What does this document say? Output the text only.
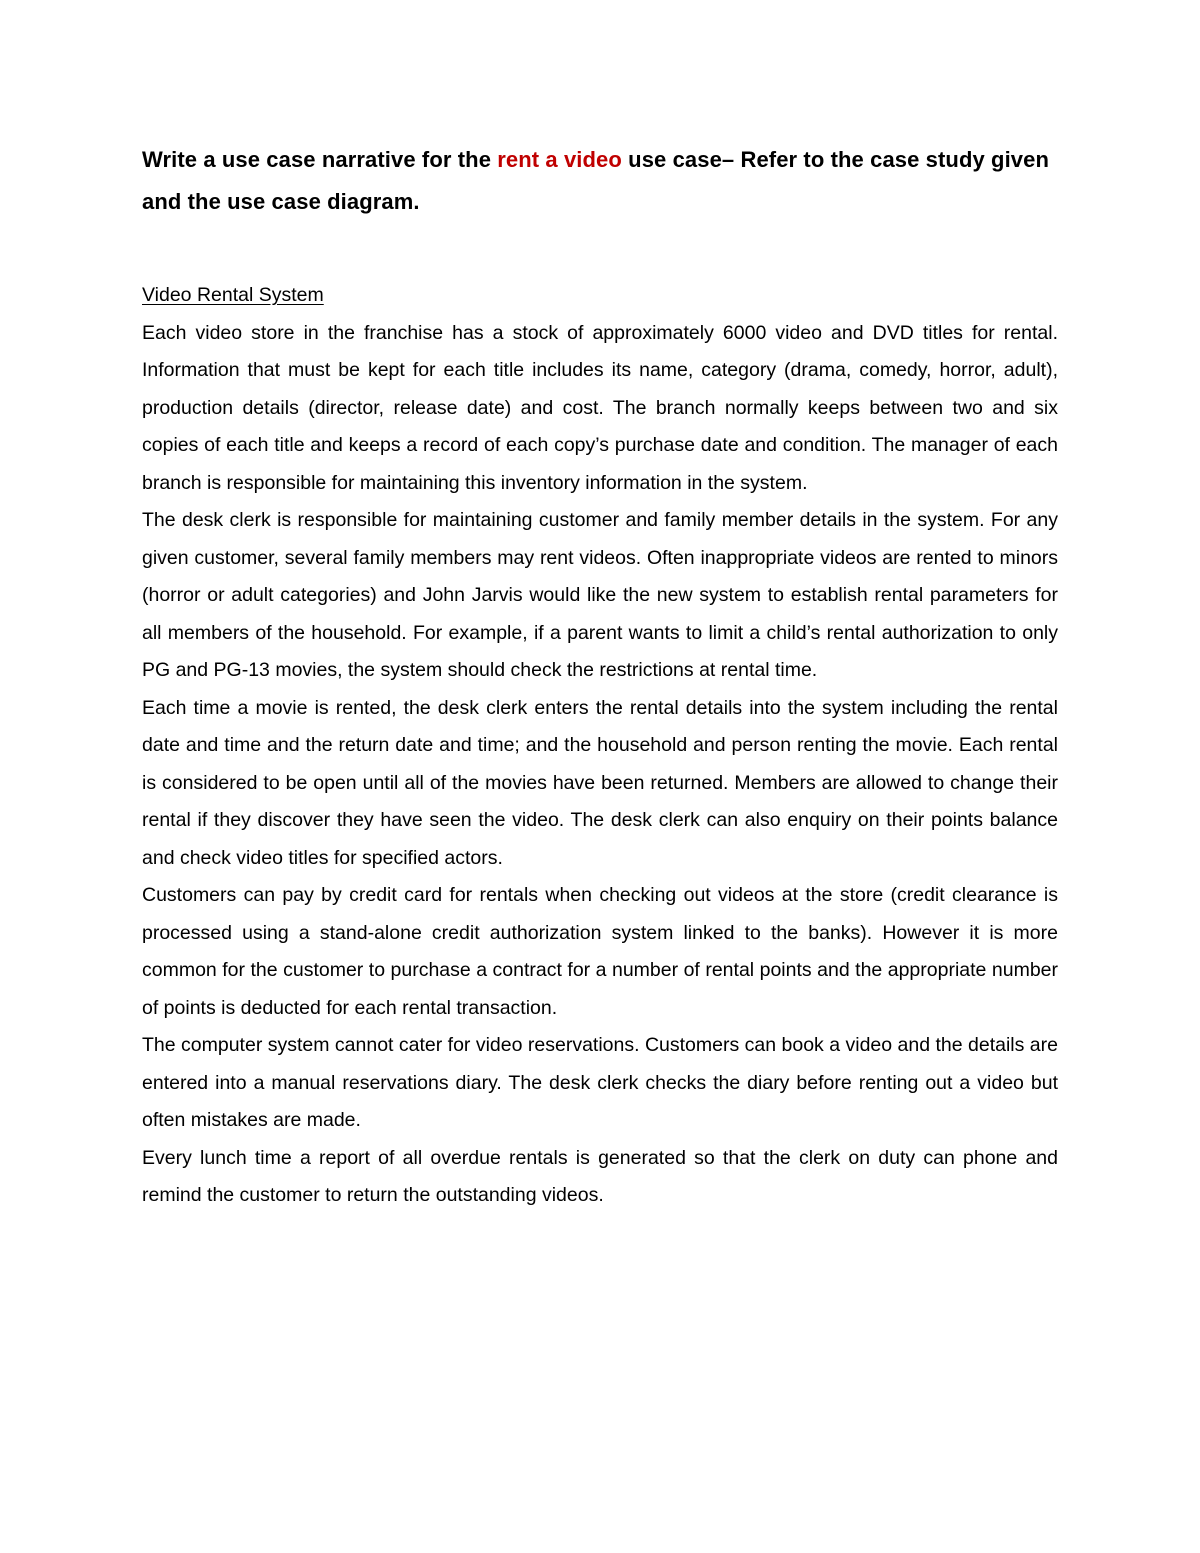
Write a use case narrative for the rent a video use case– Refer to the case study given and the use case diagram.

Video Rental System

Each video store in the franchise has a stock of approximately 6000 video and DVD titles for rental. Information that must be kept for each title includes its name, category (drama, comedy, horror, adult), production details (director, release date) and cost. The branch normally keeps between two and six copies of each title and keeps a record of each copy’s purchase date and condition. The manager of each branch is responsible for maintaining this inventory information in the system.

The desk clerk is responsible for maintaining customer and family member details in the system. For any given customer, several family members may rent videos. Often inappropriate videos are rented to minors (horror or adult categories) and John Jarvis would like the new system to establish rental parameters for all members of the household. For example, if a parent wants to limit a child’s rental authorization to only PG and PG-13 movies, the system should check the restrictions at rental time.

Each time a movie is rented, the desk clerk enters the rental details into the system including the rental date and time and the return date and time; and the household and person renting the movie. Each rental is considered to be open until all of the movies have been returned. Members are allowed to change their rental if they discover they have seen the video. The desk clerk can also enquiry on their points balance and check video titles for specified actors.

Customers can pay by credit card for rentals when checking out videos at the store (credit clearance is processed using a stand-alone credit authorization system linked to the banks). However it is more common for the customer to purchase a contract for a number of rental points and the appropriate number of points is deducted for each rental transaction.

The computer system cannot cater for video reservations. Customers can book a video and the details are entered into a manual reservations diary. The desk clerk checks the diary before renting out a video but often mistakes are made.

Every lunch time a report of all overdue rentals is generated so that the clerk on duty can phone and remind the customer to return the outstanding videos.
